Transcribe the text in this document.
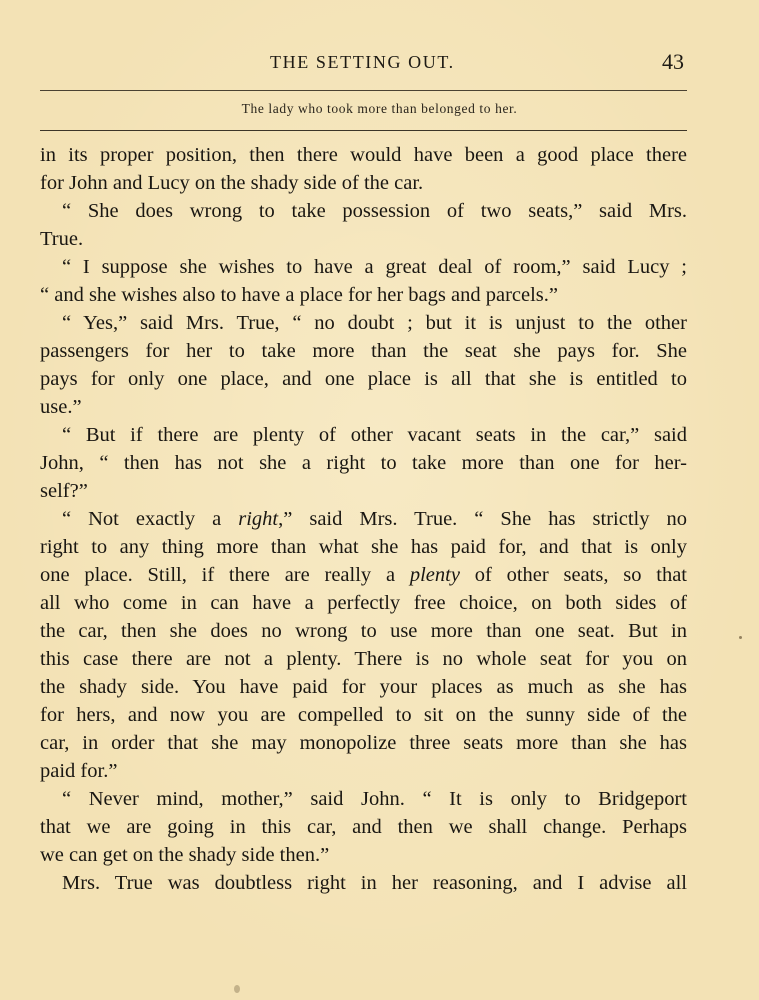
THE SETTING OUT.	43
The lady who took more than belonged to her.
in its proper position, then there would have been a good place there
for John and Lucy on the shady side of the car.
“ She does wrong to take possession of two seats,” said Mrs.
True.
“ I suppose she wishes to have a great deal of room,” said Lucy ;
“ and she wishes also to have a place for her bags and parcels.”
“ Yes,” said Mrs. True, “ no doubt ; but it is unjust to the other
passengers for her to take more than the seat she pays for. She
pays for only one place, and one place is all that she is entitled to
use.”
“ But if there are plenty of other vacant seats in the car,” said
John, “ then has not she a right to take more than one for her-
self?”
“ Not exactly a right,” said Mrs. True. “ She has strictly no
right to any thing more than what she has paid for, and that is only
one place. Still, if there are really a plenty of other seats, so that
all who come in can have a perfectly free choice, on both sides of
the car, then she does no wrong to use more than one seat. But in
this case there are not a plenty. There is no whole seat for you on
the shady side. You have paid for your places as much as she has
for hers, and now you are compelled to sit on the sunny side of the
car, in order that she may monopolize three seats more than she has
paid for.”
“ Never mind, mother,” said John. “ It is only to Bridgeport
that we are going in this car, and then we shall change. Perhaps
we can get on the shady side then.”
Mrs. True was doubtless right in her reasoning, and I advise all
